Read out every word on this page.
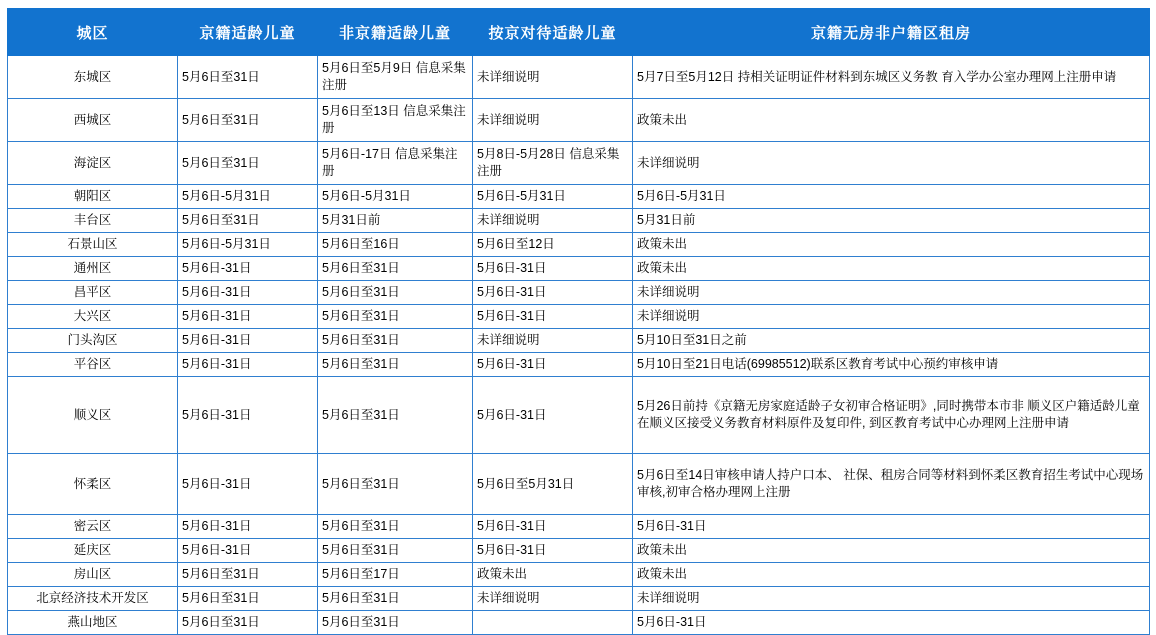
城区	京籍适龄儿童	非京籍适龄儿童	按京对待适龄儿童	京籍无房非户籍区租房
东城区	5月6日至31日	5月6日至5月9日 信息采集注册	未详细说明	5月7日至5月12日 持相关证明证件材料到东城区义务教 育入学办公室办理网上注册申请
西城区	5月6日至31日	5月6日至13日 信息采集注册	未详细说明	政策未出
海淀区	5月6日至31日	5月6日-17日 信息采集注册	5月8日-5月28日 信息采集注册	未详细说明
朝阳区	5月6日-5月31日	5月6日-5月31日	5月6日-5月31日	5月6日-5月31日
丰台区	5月6日至31日	5月31日前	未详细说明	5月31日前
石景山区	5月6日-5月31日	5月6日至16日	5月6日至12日	政策未出
通州区	5月6日-31日	5月6日至31日	5月6日-31日	政策未出
昌平区	5月6日-31日	5月6日至31日	5月6日-31日	未详细说明
大兴区	5月6日-31日	5月6日至31日	5月6日-31日	未详细说明
门头沟区	5月6日-31日	5月6日至31日	未详细说明	5月10日至31日之前
平谷区	5月6日-31日	5月6日至31日	5月6日-31日	5月10日至21日电话(69985512)联系区教育考试中心预约审核申请
顺义区	5月6日-31日	5月6日至31日	5月6日-31日	5月26日前持《京籍无房家庭适龄子女初审合格证明》,同时携带本市非 顺义区户籍适龄儿童在顺义区接受义务教育材料原件及复印件, 到区教育考试中心办理网上注册申请
怀柔区	5月6日-31日	5月6日至31日	5月6日至5月31日	5月6日至14日审核申请人持户口本、 社保、租房合同等材料到怀柔区教育招生考试中心现场审核,初审合格办理网上注册
密云区	5月6日-31日	5月6日至31日	5月6日-31日	5月6日-31日
延庆区	5月6日-31日	5月6日至31日	5月6日-31日	政策未出
房山区	5月6日至31日	5月6日至17日	政策未出	政策未出
北京经济技术开发区	5月6日至31日	5月6日至31日	未详细说明	未详细说明
燕山地区	5月6日至31日	5月6日至31日		5月6日-31日
